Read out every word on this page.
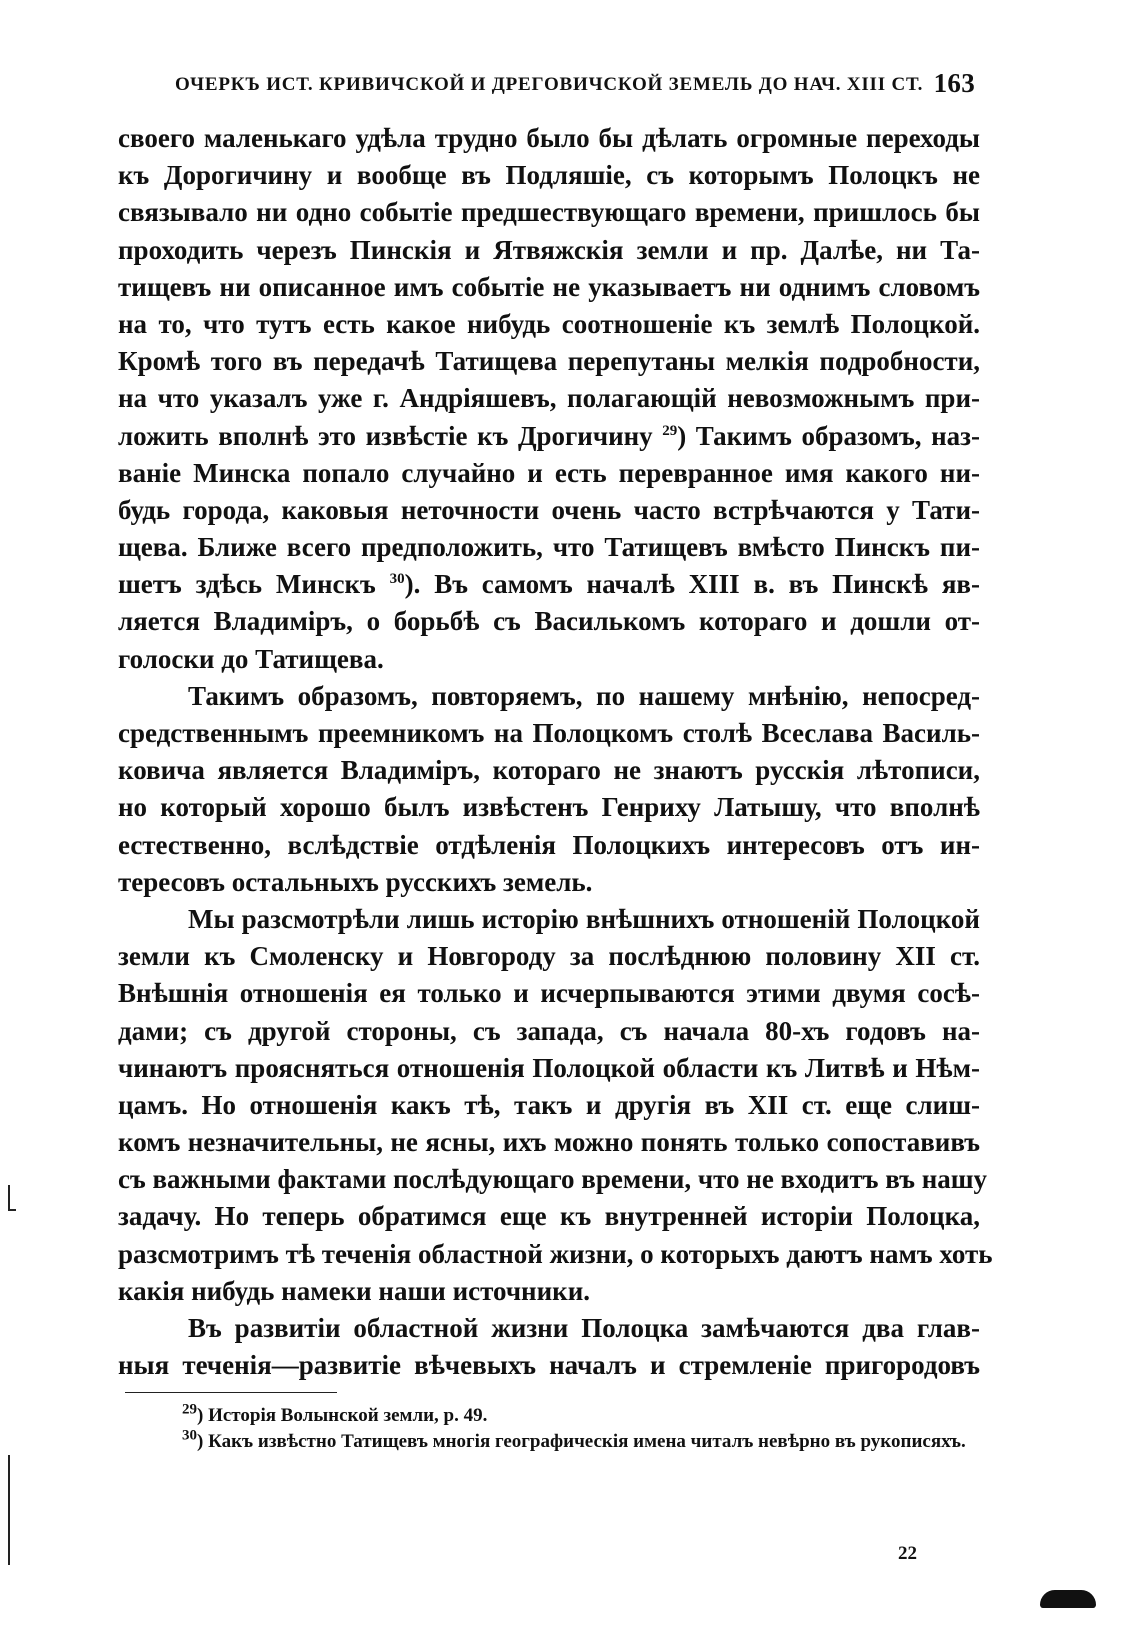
ОЧЕРКЪ ИСТ. КРИВИЧСКОЙ И ДРЕГОВИЧСКОЙ ЗЕМЕЛЬ ДО НАЧ. XIII СТ. 163
своего маленькаго удѣла трудно было бы дѣлать огромные переходы
къ Дорогичину и вообще въ Подляшіе, съ которымъ Полоцкъ не
связывало ни одно событіе предшествующаго времени, пришлось бы
проходить черезъ Пинскія и Ятвяжскія земли и пр. Далѣе, ни Та-
тищевъ ни описанное имъ событіе не указываетъ ни однимъ словомъ
на то, что тутъ есть какое нибудь соотношеніе къ землѣ Полоцкой.
Кромѣ того въ передачѣ Татищева перепутаны мелкія подробности,
на что указалъ уже г. Андріяшевъ, полагающій невозможнымъ при-
ложить вполнѣ это извѣстіе къ Дрогичину $^{29}$) Такимъ образомъ, наз-
ваніе Минска попало случайно и есть перевранное имя какого ни-
будь города, каковыя неточности очень часто встрѣчаются у Тати-
щева. Ближе всего предположить, что Татищевъ вмѣсто Пинскъ пи-
шетъ здѣсь Минскъ $^{30}$). Въ самомъ началѣ XIII в. въ Пинскѣ яв-
ляется Владиміръ, о борьбѣ съ Василькомъ котораго и дошли от-
голоски до Татищева.
Такимъ образомъ, повторяемъ, по нашему мнѣнію, непосред-
средственнымъ преемникомъ на Полоцкомъ столѣ Всеслава Василь-
ковича является Владиміръ, котораго не знаютъ русскія лѣтописи,
но который хорошо былъ извѣстенъ Генриху Латышу, что вполнѣ
естественно, вслѣдствіе отдѣленія Полоцкихъ интересовъ отъ ин-
тересовъ остальныхъ русскихъ земель.
Мы разсмотрѣли лишь исторію внѣшнихъ отношеній Полоцкой
земли къ Смоленску и Новгороду за послѣднюю половину XII ст.
Внѣшнія отношенія ея только и исчерпываются этими двумя сосѣ-
дами; съ другой стороны, съ запада, съ начала 80-хъ годовъ на-
чинаютъ проясняться отношенія Полоцкой области къ Литвѣ и Нѣм-
цамъ. Но отношенія какъ тѣ, такъ и другія въ XII ст. еще слиш-
комъ незначительны, не ясны, ихъ можно понять только сопоставивъ
съ важными фактами послѣдующаго времени, что не входитъ въ нашу
задачу. Но теперь обратимся еще къ внутренней исторіи Полоцка,
разсмотримъ тѣ теченія областной жизни, о которыхъ даютъ намъ хоть
какія нибудь намеки наши источники.
Въ развитіи областной жизни Полоцка замѣчаются два глав-
ныя теченія—развитіе вѣчевыхъ началъ и стремленіе пригородовъ
$^{29}$) Исторія Волынской земли, р. 49.
$^{30}$) Какъ извѣстно Татищевъ многія географическія имена читалъ невѣрно въ рукописяхъ.
22
